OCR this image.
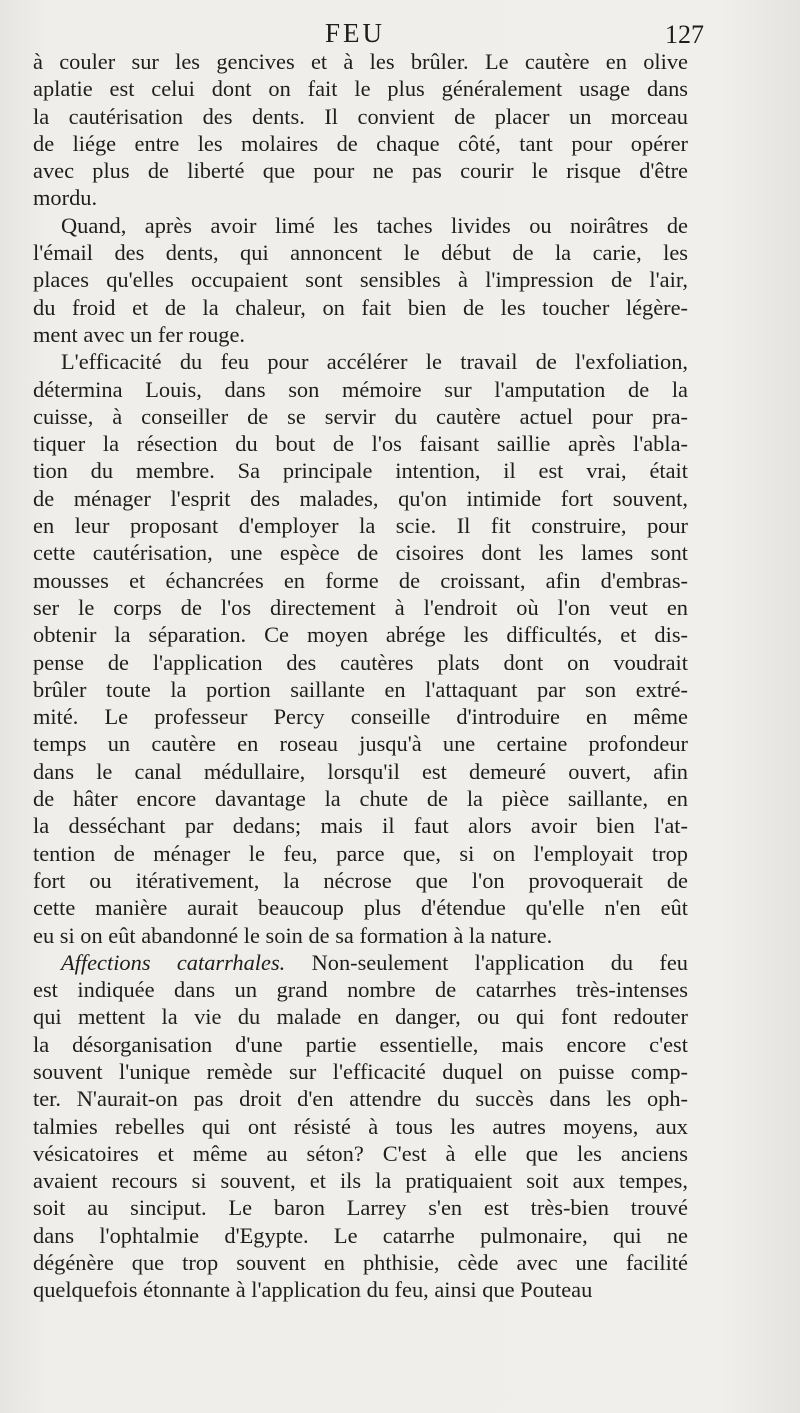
FEU	127
à couler sur les gencives et à les brûler. Le cautère en olive
aplatie est celui dont on fait le plus généralement usage dans
la cautérisation des dents. Il convient de placer un morceau
de liége entre les molaires de chaque côté, tant pour opérer
avec plus de liberté que pour ne pas courir le risque d'être
mordu.
Quand, après avoir limé les taches livides ou noirâtres de
l'émail des dents, qui annoncent le début de la carie, les
places qu'elles occupaient sont sensibles à l'impression de l'air,
du froid et de la chaleur, on fait bien de les toucher légère-
ment avec un fer rouge.
L'efficacité du feu pour accélérer le travail de l'exfoliation,
détermina Louis, dans son mémoire sur l'amputation de la
cuisse, à conseiller de se servir du cautère actuel pour pra-
tiquer la résection du bout de l'os faisant saillie après l'abla-
tion du membre. Sa principale intention, il est vrai, était
de ménager l'esprit des malades, qu'on intimide fort souvent,
en leur proposant d'employer la scie. Il fit construire, pour
cette cautérisation, une espèce de cisoires dont les lames sont
mousses et échancrées en forme de croissant, afin d'embras-
ser le corps de l'os directement à l'endroit où l'on veut en
obtenir la séparation. Ce moyen abrége les difficultés, et dis-
pense de l'application des cautères plats dont on voudrait
brûler toute la portion saillante en l'attaquant par son extré-
mité. Le professeur Percy conseille d'introduire en même
temps un cautère en roseau jusqu'à une certaine profondeur
dans le canal médullaire, lorsqu'il est demeuré ouvert, afin
de hâter encore davantage la chute de la pièce saillante, en
la desséchant par dedans; mais il faut alors avoir bien l'at-
tention de ménager le feu, parce que, si on l'employait trop
fort ou itérativement, la nécrose que l'on provoquerait de
cette manière aurait beaucoup plus d'étendue qu'elle n'en eût
eu si on eût abandonné le soin de sa formation à la nature.
Affections catarrhales. Non-seulement l'application du feu
est indiquée dans un grand nombre de catarrhes très-intenses
qui mettent la vie du malade en danger, ou qui font redouter
la désorganisation d'une partie essentielle, mais encore c'est
souvent l'unique remède sur l'efficacité duquel on puisse comp-
ter. N'aurait-on pas droit d'en attendre du succès dans les oph-
talmies rebelles qui ont résisté à tous les autres moyens, aux
vésicatoires et même au séton? C'est à elle que les anciens
avaient recours si souvent, et ils la pratiquaient soit aux tempes,
soit au sinciput. Le baron Larrey s'en est très-bien trouvé
dans l'ophtalmie d'Egypte. Le catarrhe pulmonaire, qui ne
dégénère que trop souvent en phthisie, cède avec une facilité
quelquefois étonnante à l'application du feu, ainsi que Pouteau
